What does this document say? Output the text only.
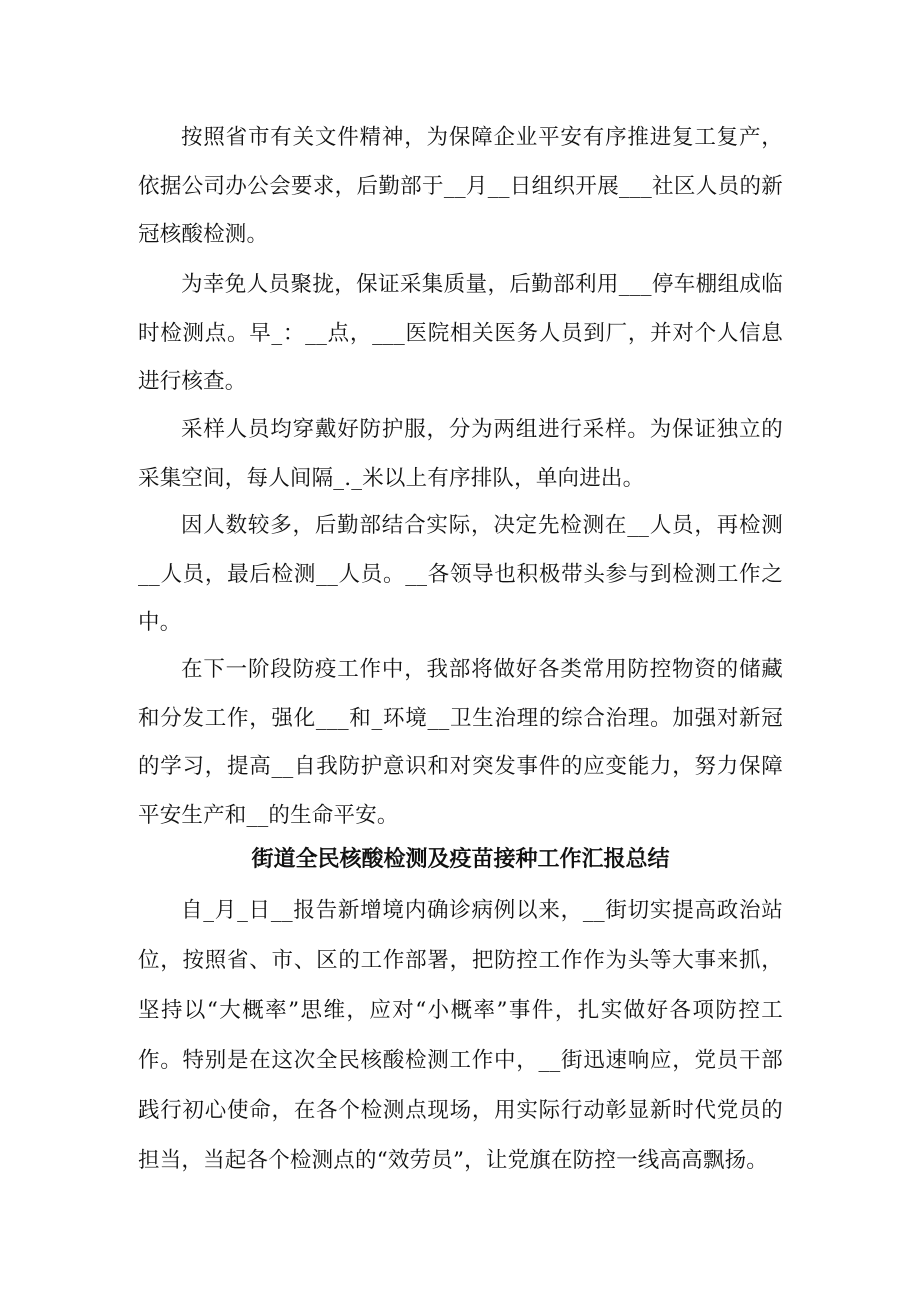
按照省市有关文件精神，为保障企业平安有序推进复工复产，依据公司办公会要求，后勤部于__月__日组织开展___社区人员的新冠核酸检测。

为幸免人员聚拢，保证采集质量，后勤部利用___停车棚组成临时检测点。早_：__点，___医院相关医务人员到厂，并对个人信息进行核查。

采样人员均穿戴好防护服，分为两组进行采样。为保证独立的采集空间，每人间隔_._米以上有序排队，单向进出。

因人数较多，后勤部结合实际，决定先检测在__人员，再检测__人员，最后检测__人员。__各领导也积极带头参与到检测工作之中。

在下一阶段防疫工作中，我部将做好各类常用防控物资的储藏和分发工作，强化___和_环境__卫生治理的综合治理。加强对新冠的学习，提高__自我防护意识和对突发事件的应变能力，努力保障平安生产和__的生命平安。

街道全民核酸检测及疫苗接种工作汇报总结

自_月_日__报告新增境内确诊病例以来，__街切实提高政治站位，按照省、市、区的工作部署，把防控工作作为头等大事来抓，坚持以“大概率”思维，应对“小概率”事件，扎实做好各项防控工作。特别是在这次全民核酸检测工作中，__街迅速响应，党员干部践行初心使命，在各个检测点现场，用实际行动彰显新时代党员的担当，当起各个检测点的“效劳员”，让党旗在防控一线高高飘扬。
